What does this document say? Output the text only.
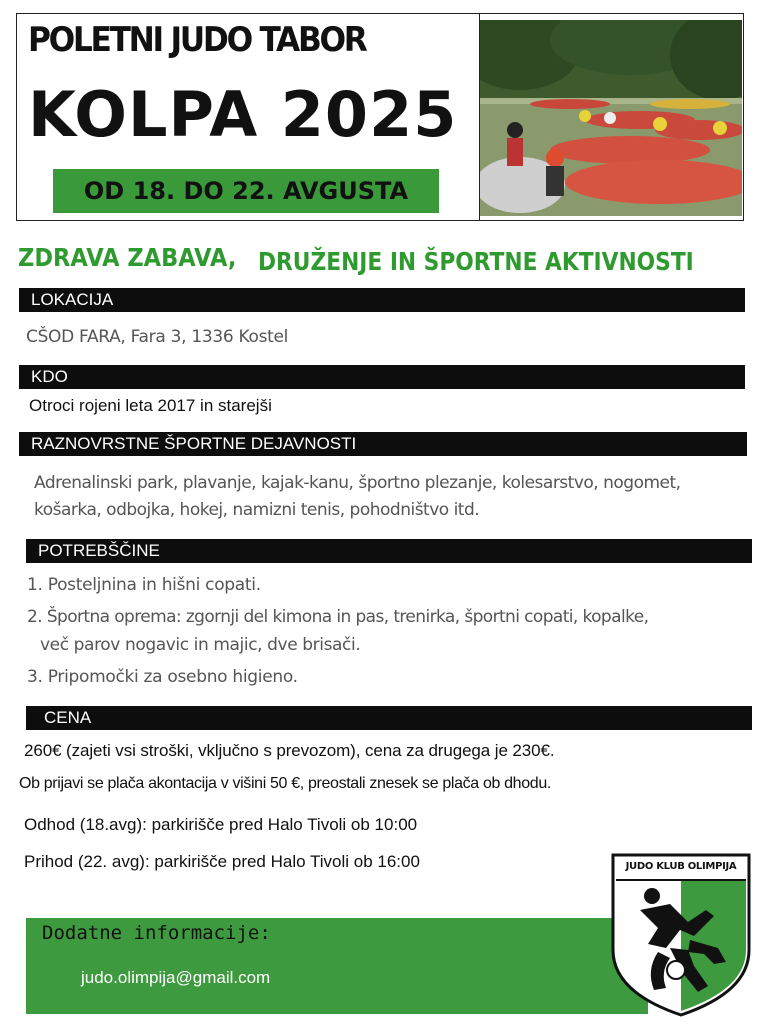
POLETNI JUDO TABOR
KOLPA 2025
OD 18. DO 22. AVGUSTA
ZDRAVA ZABAVA, DRUŽENJE IN ŠPORTNE AKTIVNOSTI
LOKACIJA
CŠOD FARA, Fara 3, 1336 Kostel
KDO
Otroci rojeni leta 2017 in starejši
RAZNOVRSTNE ŠPORTNE DEJAVNOSTI
Adrenalinski park, plavanje, kajak-kanu, športno plezanje, kolesarstvo, nogomet,
košarka, odbojka, hokej, namizni tenis, pohodništvo itd.
POTREBŠČINE
1. Posteljnina in hišni copati.
2. Športna oprema: zgornji del kimona in pas, trenirka, športni copati, kopalke,
več parov nogavic in majic, dve brisači.
3. Pripomočki za osebno higieno.
CENA
260€ (zajeti vsi stroški, vključno s prevozom), cena za drugega je 230€.
Ob prijavi se plača akontacija v višini 50 €, preostali znesek se plača ob dhodu.
Odhod (18.avg): parkirišče pred Halo Tivoli ob 10:00
Prihod (22. avg): parkirišče pred Halo Tivoli ob 16:00
Dodatne informacije:
judo.olimpija@gmail.com
JUDO KLUB OLIMPIJA
